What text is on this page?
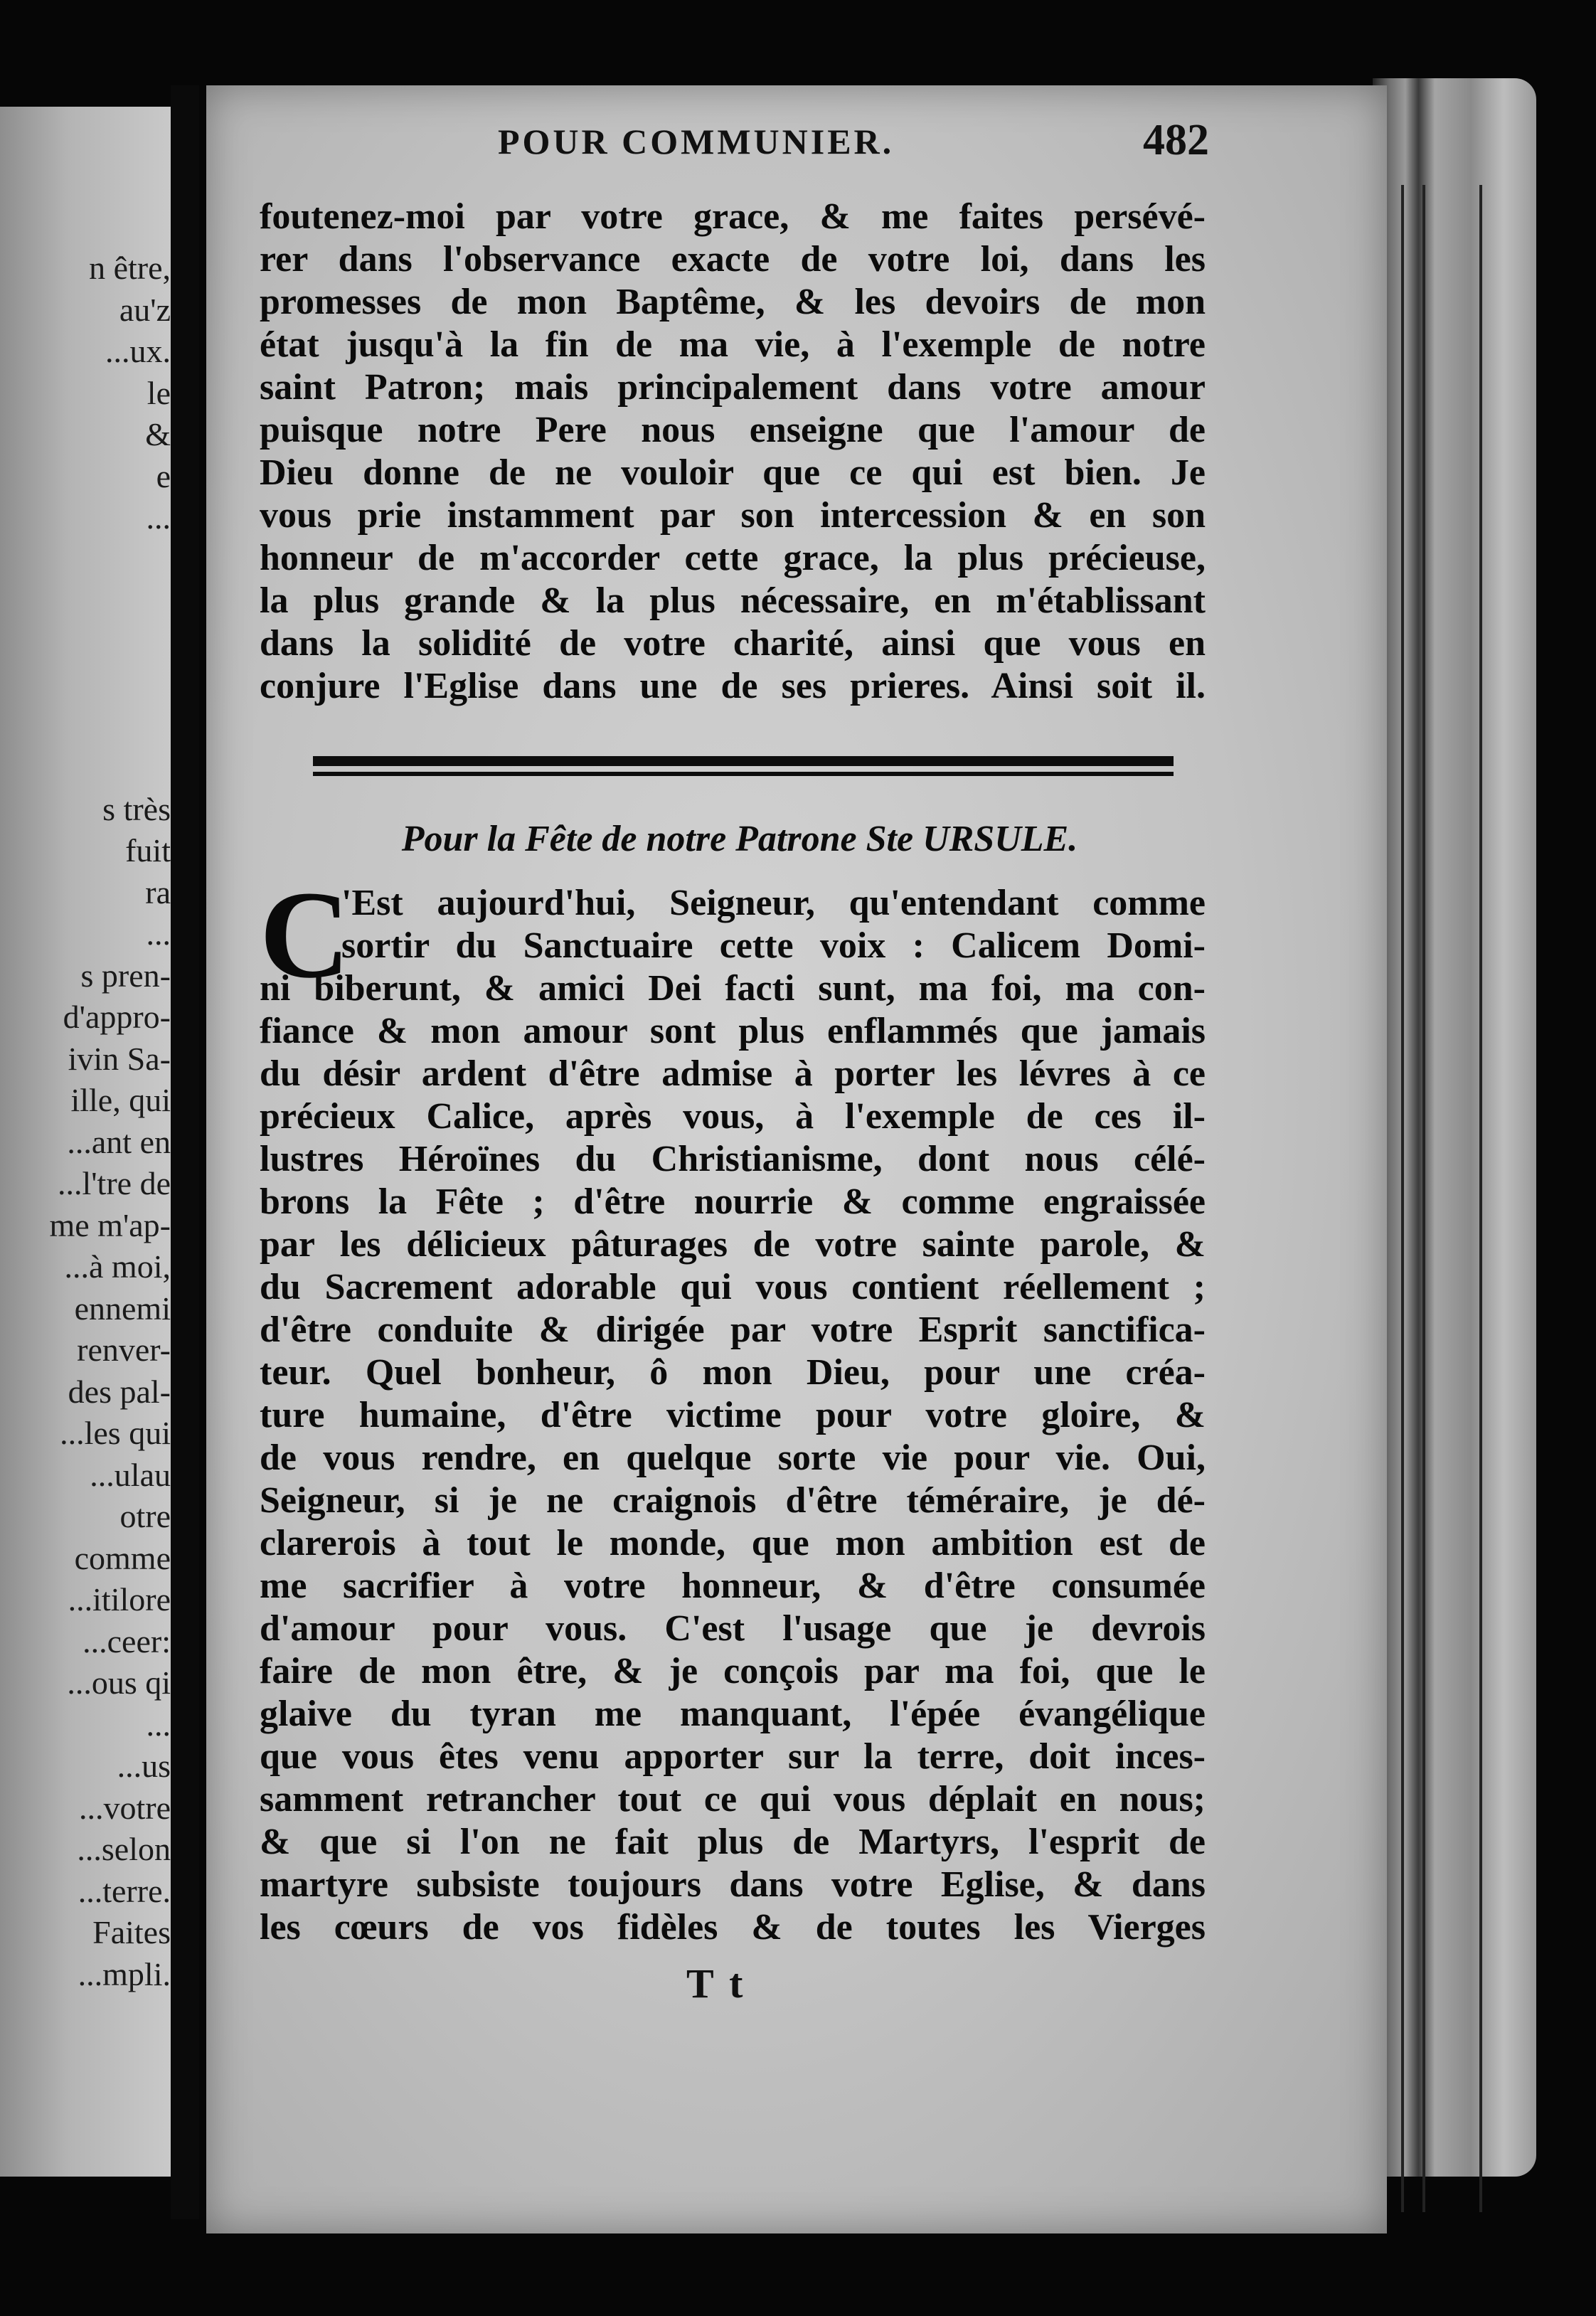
n être,
au'z
...ux.
le
&
e
...
s très
fuit
ra
...
s pren-
d'appro-
ivin Sa-
ille, qui
...ant en
...l'tre de
me m'ap-
...à moi,
ennemi
renver-
des pal-
...les qui
...ulau
otre
comme
...itilore
...ceer:
...ous qi
...
...us
...votre
...selon
...terre.
Faites
...mpli.
POUR COMMUNIER.	482
foutenez-moi par votre grace, & me faites persévé-
rer dans l'observance exacte de votre loi, dans les
promesses de mon Baptême, & les devoirs de mon
état jusqu'à la fin de ma vie, à l'exemple de notre
saint Patron; mais principalement dans votre amour
puisque notre Pere nous enseigne que l'amour de
Dieu donne de ne vouloir que ce qui est bien. Je
vous prie instamment par son intercession & en son
honneur de m'accorder cette grace, la plus précieuse,
la plus grande & la plus nécessaire, en m'établissant
dans la solidité de votre charité, ainsi que vous en
conjure l'Eglise dans une de ses prieres. Ainsi soit il.
Pour la Fête de notre Patrone Ste URSULE.
C
'Est aujourd'hui, Seigneur, qu'entendant comme
sortir du Sanctuaire cette voix : Calicem Domi-
ni biberunt, & amici Dei facti sunt, ma foi, ma con-
fiance & mon amour sont plus enflammés que jamais
du désir ardent d'être admise à porter les lévres à ce
précieux Calice, après vous, à l'exemple de ces il-
lustres Héroïnes du Christianisme, dont nous célé-
brons la Fête ; d'être nourrie & comme engraissée
par les délicieux pâturages de votre sainte parole, &
du Sacrement adorable qui vous contient réellement ;
d'être conduite & dirigée par votre Esprit sanctifica-
teur. Quel bonheur, ô mon Dieu, pour une créa-
ture humaine, d'être victime pour votre gloire, &
de vous rendre, en quelque sorte vie pour vie. Oui,
Seigneur, si je ne craignois d'être téméraire, je dé-
clarerois à tout le monde, que mon ambition est de
me sacrifier à votre honneur, & d'être consumée
d'amour pour vous. C'est l'usage que je devrois
faire de mon être, & je conçois par ma foi, que le
glaive du tyran me manquant, l'épée évangélique
que vous êtes venu apporter sur la terre, doit inces-
samment retrancher tout ce qui vous déplait en nous;
& que si l'on ne fait plus de Martyrs, l'esprit de
martyre subsiste toujours dans votre Eglise, & dans
les cœurs de vos fidèles & de toutes les Vierges
T t
